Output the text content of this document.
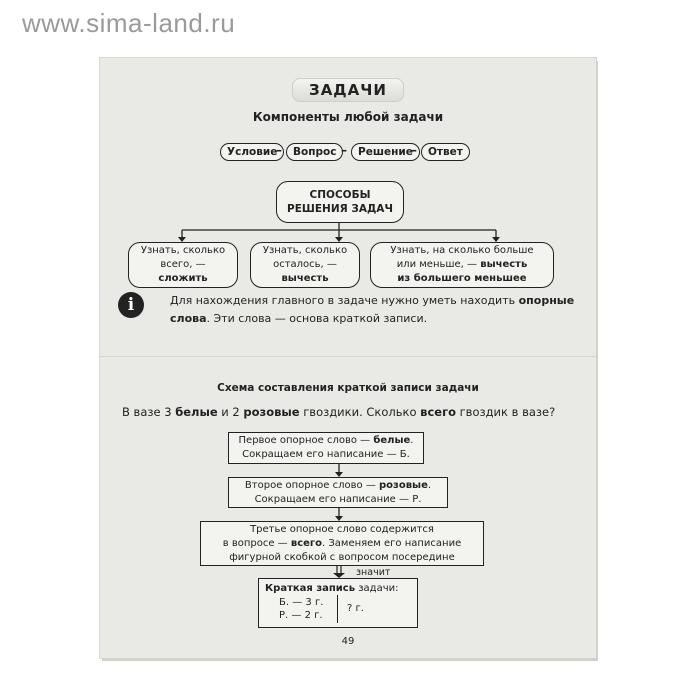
www.sima-land.ru
ЗАДАЧИ
Компоненты любой задачи
Условие
–	Вопрос –	Решение
–	Ответ
СПОСОБЫ
РЕШЕНИЯ ЗАДАЧ
Узнать, сколько
всего, —
сложить
Узнать, сколько
осталось, —
вычесть
Узнать, на сколько больше
или меньше, — вычесть
из большего меньшее
i	Для нахождения главного в задаче нужно уметь находить опорные слова. Эти слова — основа краткой записи.
Схема составления краткой записи задачи
В вазе 3 белые и 2 розовые гвоздики. Сколько всего гвоздик в вазе?
Первое опорное слово — белые.
Сокращаем его написание — Б.
Второе опорное слово — розовые.
Сокращаем его написание — Р.
Третье опорное слово содержится
в вопросе — всего. Заменяем его написание
фигурной скобкой с вопросом посередине
значит
Краткая запись задачи:
Б. — 3 г.
Р. — 2 г.
? г.
49
